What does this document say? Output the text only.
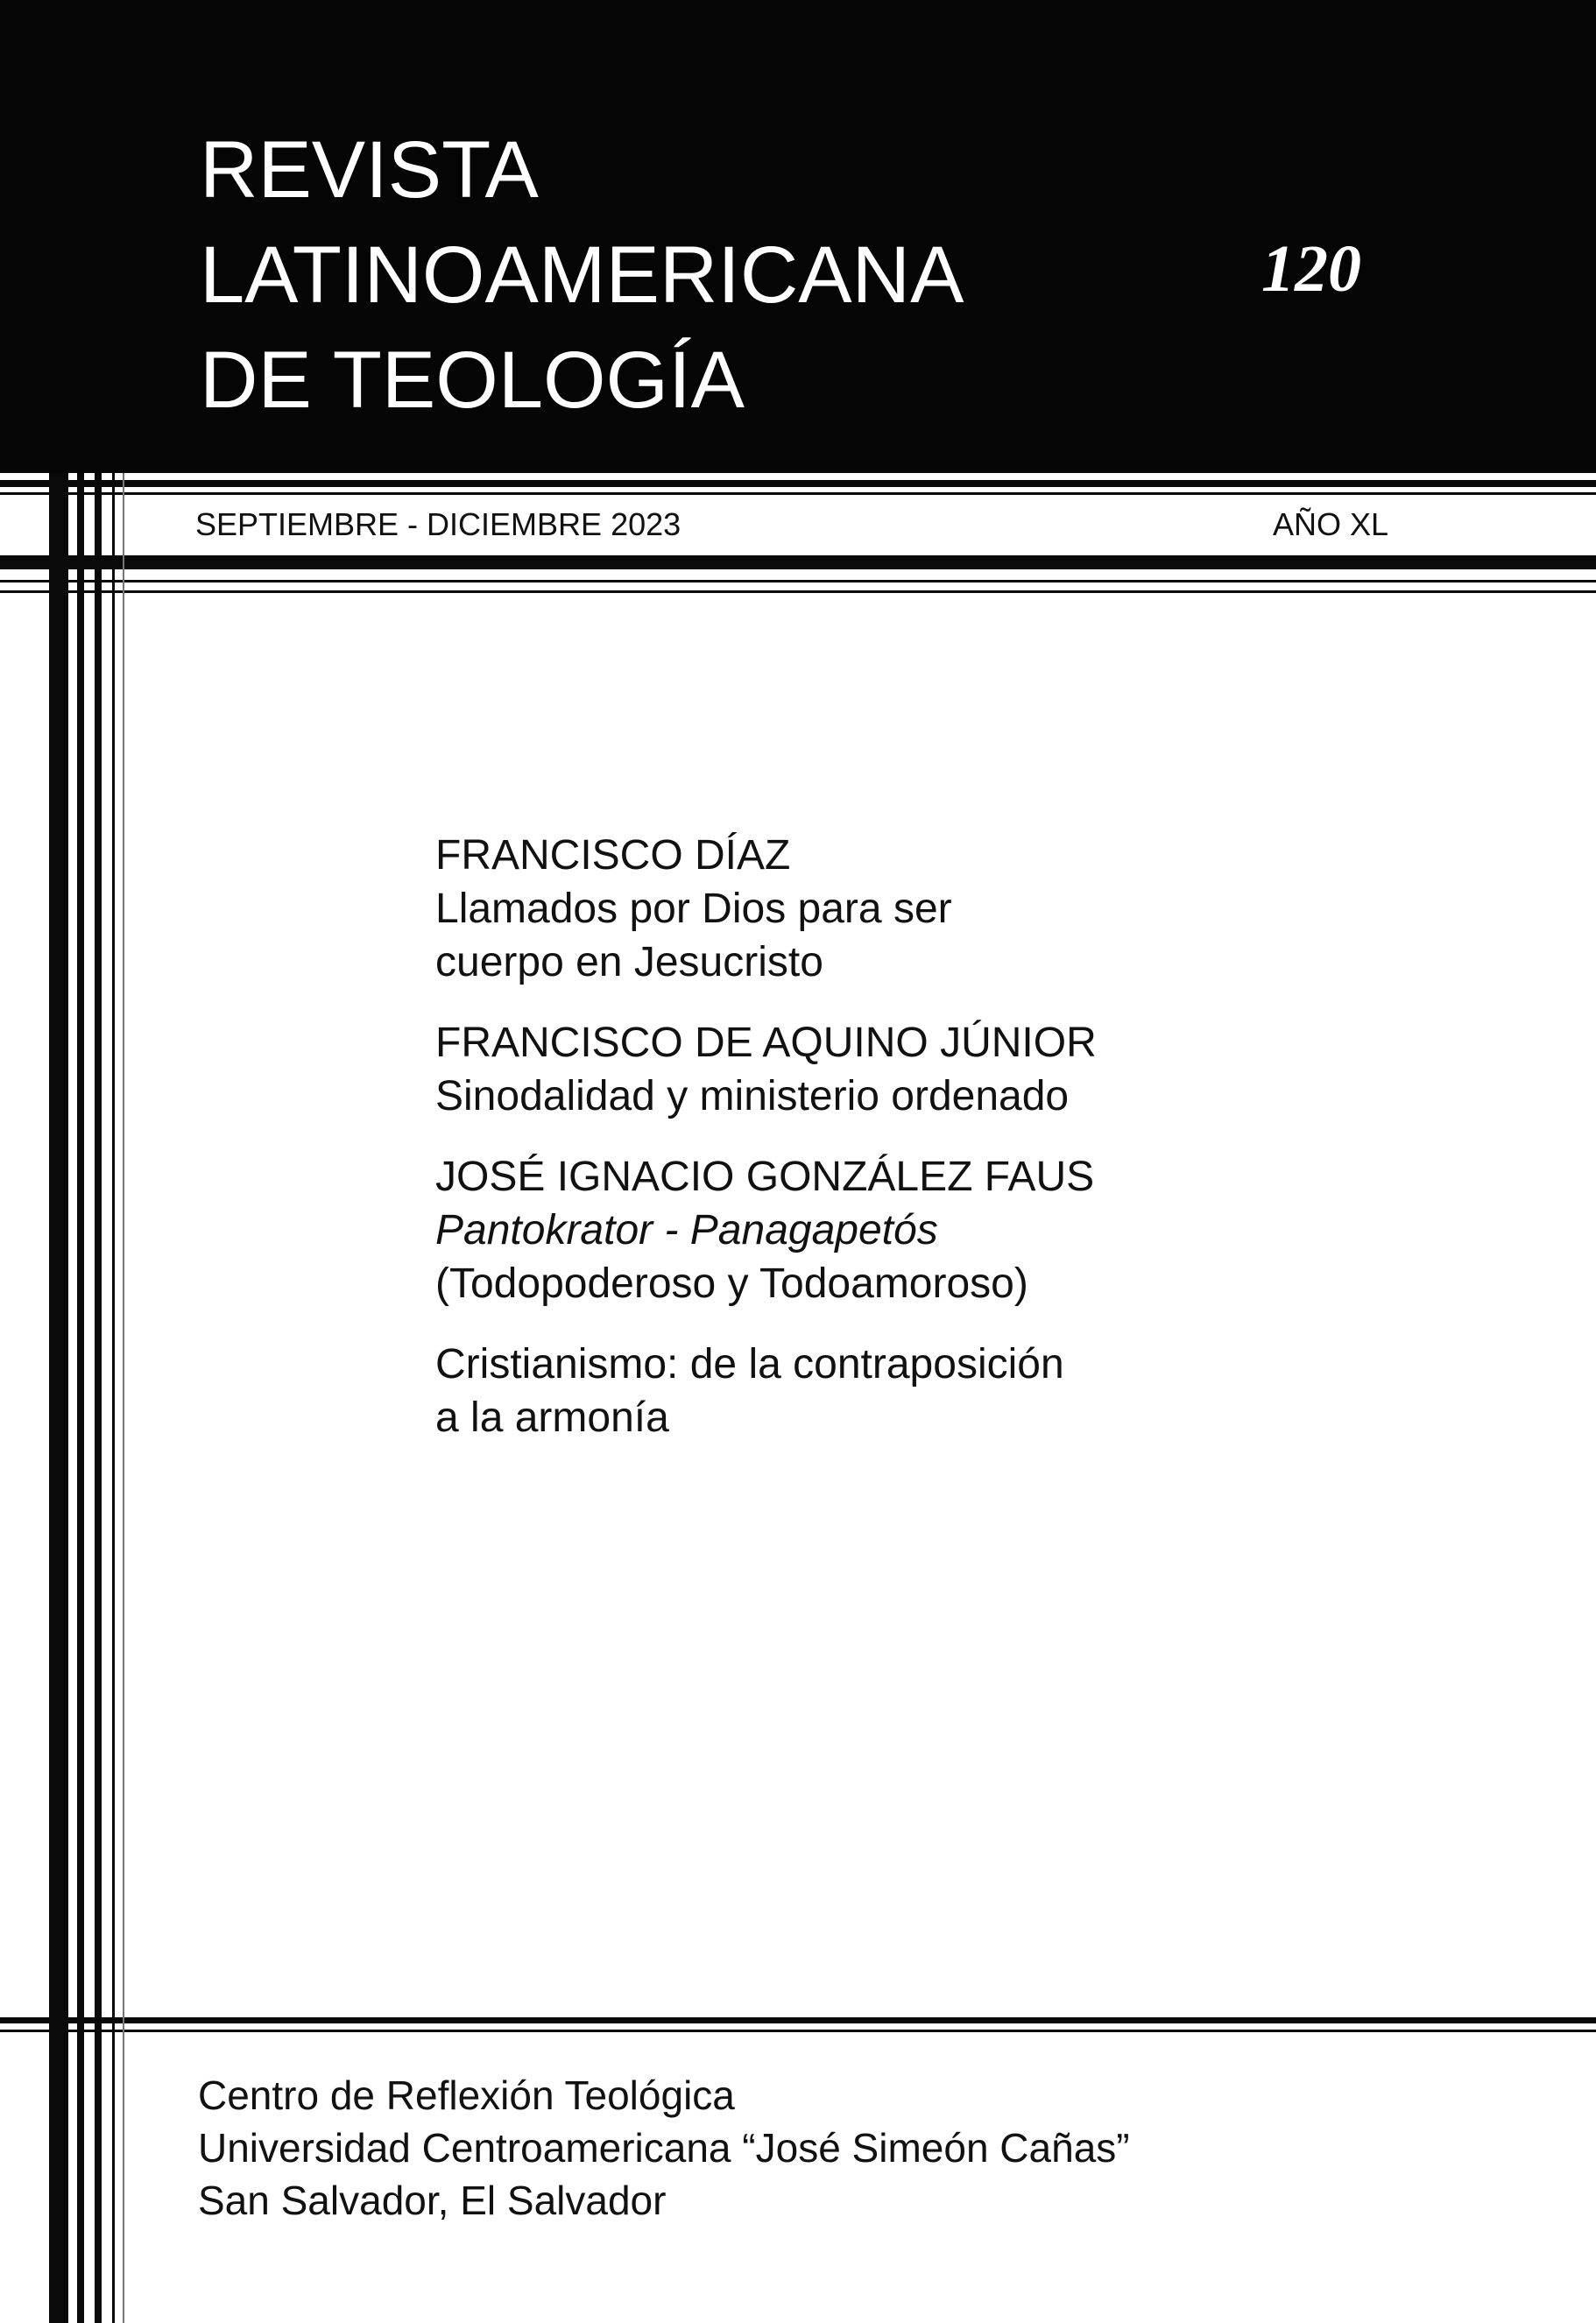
REVISTA
LATINOAMERICANA
DE TEOLOGÍA
120
SEPTIEMBRE - DICIEMBRE 2023	AÑO XL
FRANCISCO DÍAZ
Llamados por Dios para ser
cuerpo en Jesucristo
FRANCISCO DE AQUINO JÚNIOR
Sinodalidad y ministerio ordenado
JOSÉ IGNACIO GONZÁLEZ FAUS
Pantokrator - Panagapetós
(Todopoderoso y Todoamoroso)
Cristianismo: de la contraposición
a la armonía
Centro de Reflexión Teológica
Universidad Centroamericana “José Simeón Cañas”
San Salvador, El Salvador
